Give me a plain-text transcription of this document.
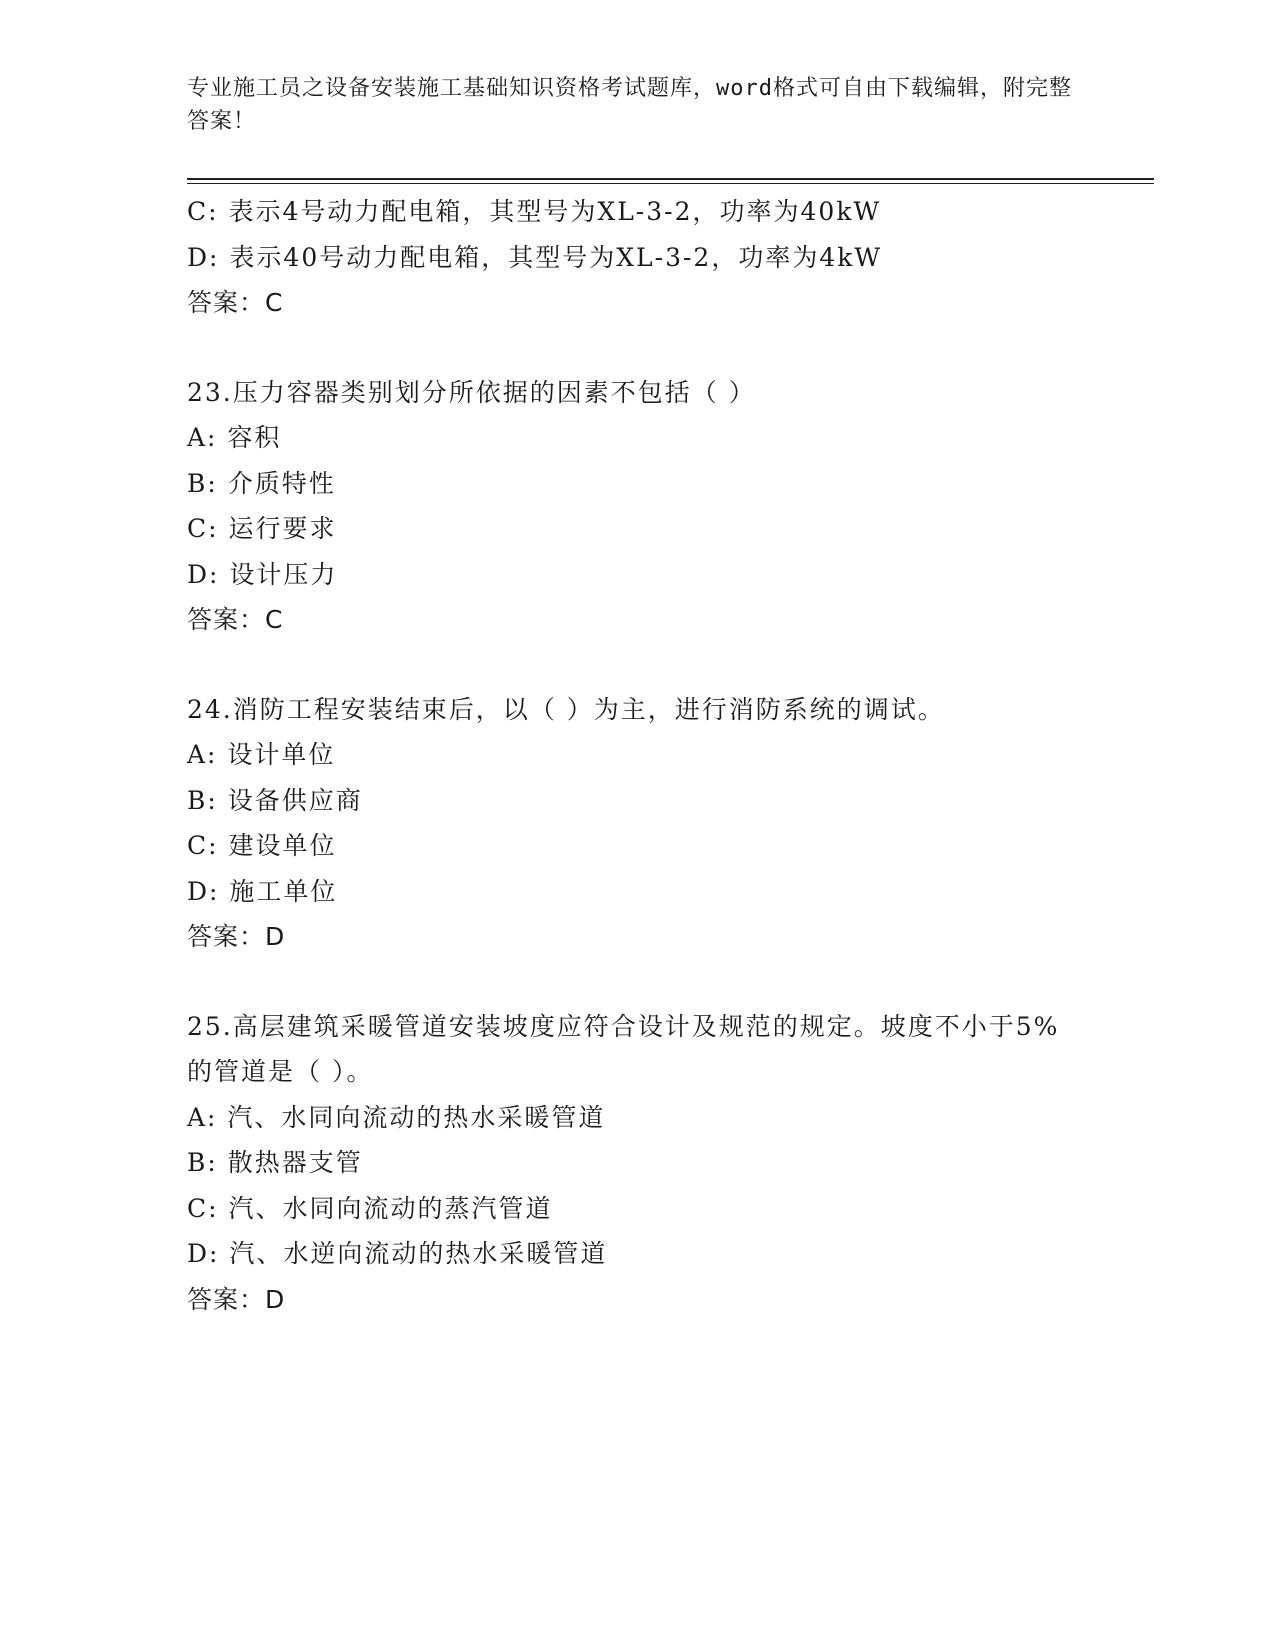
专业施工员之设备安装施工基础知识资格考试题库，word格式可自由下载编辑，附完整答案！
C: 表示4号动力配电箱，其型号为XL-3-2，功率为40kW
D: 表示40号动力配电箱，其型号为XL-3-2，功率为4kW
答案：C
23.压力容器类别划分所依据的因素不包括（ ）
A: 容积
B: 介质特性
C: 运行要求
D: 设计压力
答案：C
24.消防工程安装结束后，以（ ）为主，进行消防系统的调试。
A: 设计单位
B: 设备供应商
C: 建设单位
D: 施工单位
答案：D
25.高层建筑采暖管道安装坡度应符合设计及规范的规定。坡度不小于5%的管道是（ ）。
A: 汽、水同向流动的热水采暖管道
B: 散热器支管
C: 汽、水同向流动的蒸汽管道
D: 汽、水逆向流动的热水采暖管道
答案：D
